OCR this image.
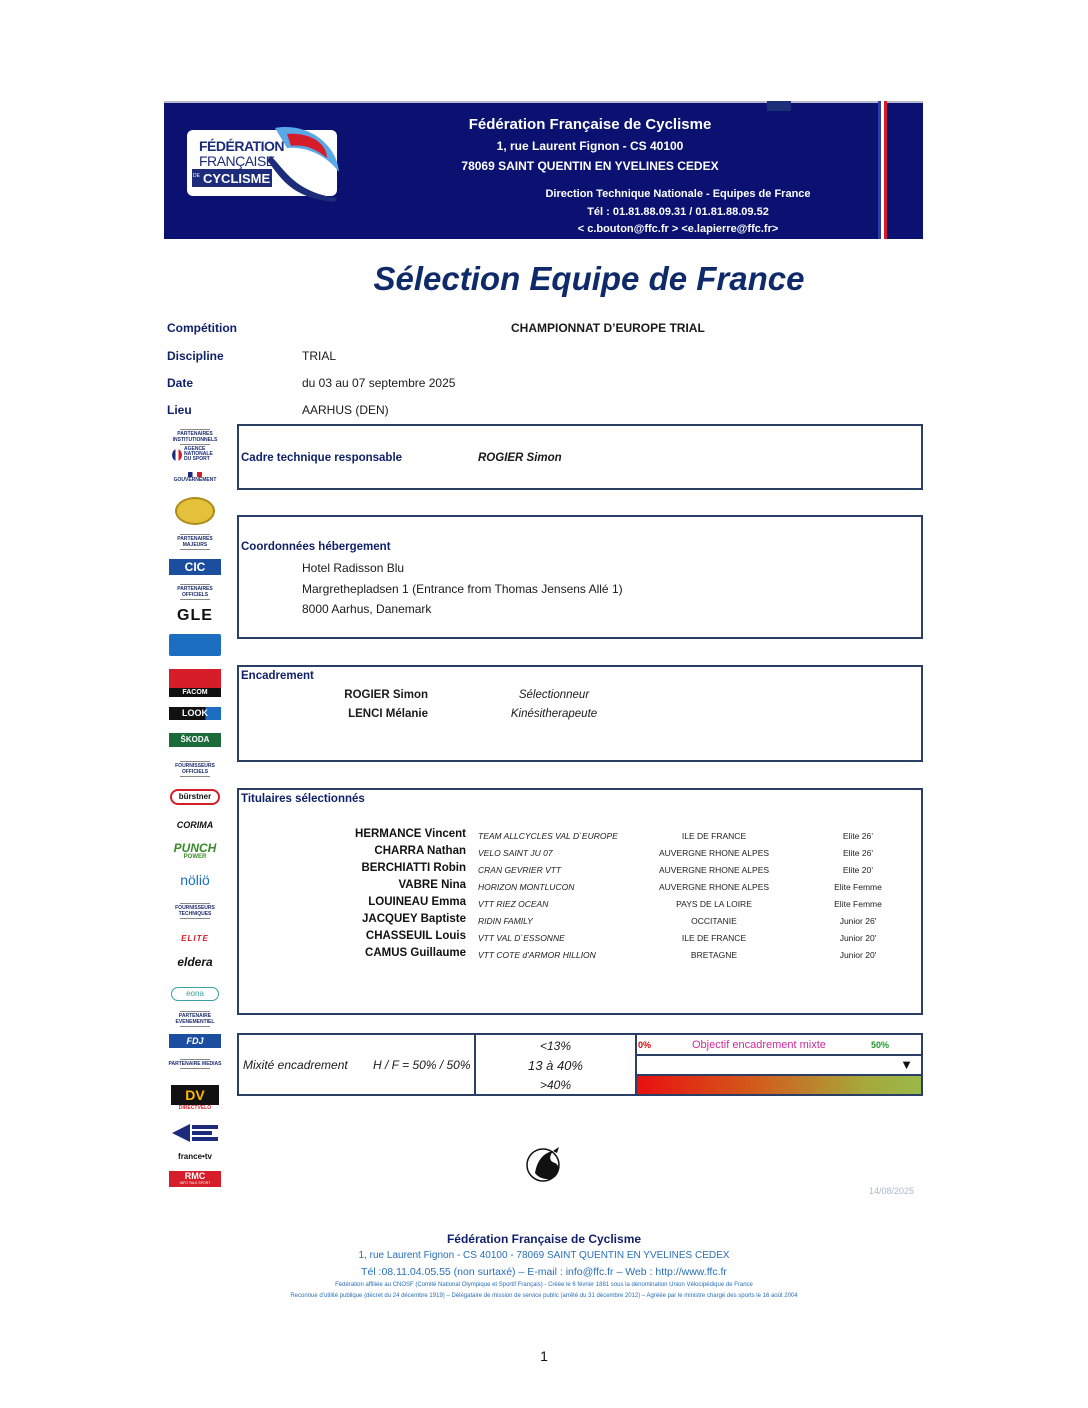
FÉDÉRATION
FRANÇAISE
DE CYCLISME
Fédération Française de Cyclisme
1, rue Laurent Fignon - CS 40100
78069 SAINT QUENTIN EN YVELINES CEDEX
Direction Technique Nationale - Equipes de France
Tél : 01.81.88.09.31 / 01.81.88.09.52
< c.bouton@ffc.fr > <e.lapierre@ffc.fr>
Sélection Equipe de France
Compétition	CHAMPIONNAT D’EUROPE TRIAL
Discipline	TRIAL
Date	du 03 au 07 septembre 2025
Lieu	AARHUS (DEN)
PARTENAIRES INSTITUTIONNELS
AGENCE NATIONALE DU SPORT
GOUVERNEMENT
PARTENAIRES MAJEURS
CIC
PARTENAIRES OFFICIELS
GLE
FACOM
LOOK
ŠKODA
FOURNISSEURS OFFICIELS
bürstner
CORIMA
PUNCH
POWER
nöliö
FOURNISSEURS TECHNIQUES
ELITE
eldera
eona
PARTENAIRE EVENEMENTIEL
FDJ
PARTENAIRE MEDIAS
DV
DIRECTVELO
france•tv
RMC
INFO TALK SPORT
Cadre technique responsable	ROGIER Simon
Coordonnées hébergement
Hotel Radisson Blu
Margrethepladsen 1 (Entrance from Thomas Jensens Allé 1)
8000 Aarhus, Danemark
Encadrement
ROGIER Simon	Sélectionneur
LENCI Mélanie	Kinésitherapeute
Titulaires sélectionnés
HERMANCE Vincent	TEAM ALLCYCLES VAL D`EUROPE	ILE DE FRANCE	Elite 26’
CHARRA Nathan	VELO SAINT JU 07	AUVERGNE RHONE ALPES	Elite 26'
BERCHIATTI Robin	CRAN GEVRIER VTT	AUVERGNE RHONE ALPES	Elite 20’
VABRE Nina	HORIZON MONTLUCON	AUVERGNE RHONE ALPES	Elite Femme
LOUINEAU Emma	VTT RIEZ OCEAN	PAYS DE LA LOIRE	Elite Femme
JACQUEY Baptiste	RIDIN FAMILY	OCCITANIE	Junior 26'
CHASSEUIL Louis	VTT VAL D`ESSONNE	ILE DE FRANCE	Junior 20'
CAMUS Guillaume	VTT COTE d'ARMOR HILLION	BRETAGNE	Junior 20'
Mixité encadrement H / F = 50% / 50%
<13%
13 à 40%
>40%
0%	Objectif encadrement mixte	50%
▼
14/08/2025
Fédération Française de Cyclisme
1, rue Laurent Fignon - CS 40100 - 78069 SAINT QUENTIN EN YVELINES CEDEX
Tél :08.11.04.05.55 (non surtaxé) – E-mail : info@ffc.fr – Web : http://www.ffc.fr
Fédération affiliée au CNOSF (Comité National Olympique et Sportif Français) - Créée le 6 février 1881 sous la dénomination Union Vélocipédique de France
Reconnue d’utilité publique (décret du 24 décembre 1919) – Délégataire de mission de service public (arrêté du 31 décembre 2012) – Agréée par le ministre chargé des sports le 16 août 2004
1
